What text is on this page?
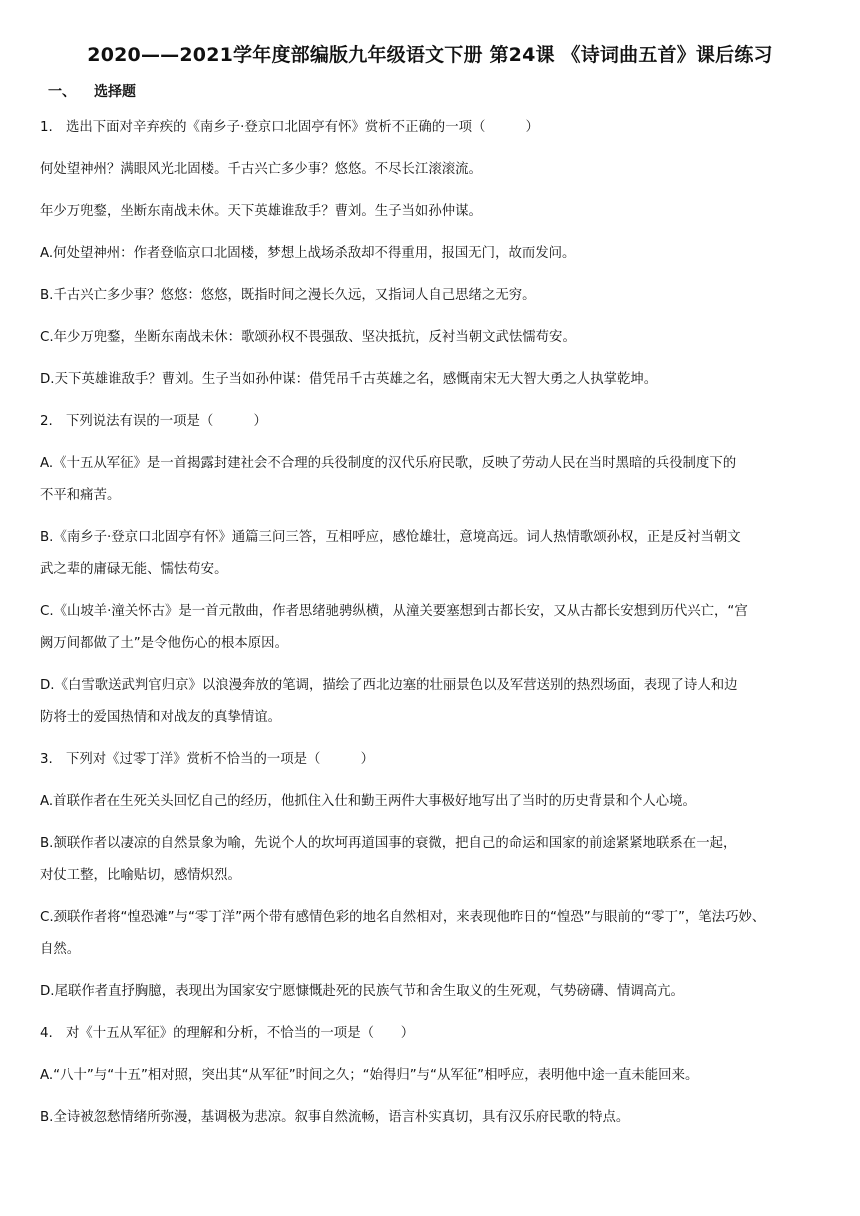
2020——2021学年度部编版九年级语文下册 第24课 《诗词曲五首》课后练习
一、 选择题

1. 选出下面对辛弃疾的《南乡子·登京口北固亭有怀》赏析不正确的一项（　　　）

何处望神州？满眼风光北固楼。千古兴亡多少事？悠悠。不尽长江滚滚流。

年少万兜鍪，坐断东南战未休。天下英雄谁敌手？曹刘。生子当如孙仲谋。

A.何处望神州：作者登临京口北固楼，梦想上战场杀敌却不得重用，报国无门，故而发问。

B.千古兴亡多少事？悠悠：悠悠，既指时间之漫长久远，又指词人自己思绪之无穷。

C.年少万兜鍪，坐断东南战未休：歌颂孙权不畏强敌、坚决抵抗，反衬当朝文武怯懦苟安。

D.天下英雄谁敌手？曹刘。生子当如孙仲谋：借凭吊千古英雄之名，感慨南宋无大智大勇之人执掌乾坤。

2. 下列说法有误的一项是（　　　）

A.《十五从军征》是一首揭露封建社会不合理的兵役制度的汉代乐府民歌，反映了劳动人民在当时黑暗的兵役制度下的

不平和痛苦。

B.《南乡子·登京口北固亭有怀》通篇三问三答，互相呼应，感怆雄壮，意境高远。词人热情歌颂孙权，正是反衬当朝文

武之辈的庸碌无能、懦怯苟安。

C.《山坡羊·潼关怀古》是一首元散曲，作者思绪驰骋纵横，从潼关要塞想到古都长安，又从古都长安想到历代兴亡，“宫

阙万间都做了土”是令他伤心的根本原因。

D.《白雪歌送武判官归京》以浪漫奔放的笔调，描绘了西北边塞的壮丽景色以及军营送别的热烈场面，表现了诗人和边

防将士的爱国热情和对战友的真挚情谊。

3. 下列对《过零丁洋》赏析不恰当的一项是（　　　）

A.首联作者在生死关头回忆自己的经历，他抓住入仕和勤王两件大事极好地写出了当时的历史背景和个人心境。

B.颔联作者以凄凉的自然景象为喻，先说个人的坎坷再道国事的衰微，把自己的命运和国家的前途紧紧地联系在一起，

对仗工整，比喻贴切，感情炽烈。

C.颈联作者将“惶恐滩”与“零丁洋”两个带有感情色彩的地名自然相对，来表现他昨日的“惶恐”与眼前的“零丁”，笔法巧妙、

自然。

D.尾联作者直抒胸臆，表现出为国家安宁愿慷慨赴死的民族气节和舍生取义的生死观，气势磅礴、情调高亢。

4. 对《十五从军征》的理解和分析，不恰当的一项是（　　）

A.“八十”与“十五”相对照，突出其“从军征”时间之久；“始得归”与“从军征”相呼应，表明他中途一直未能回来。

B.全诗被忽愁情绪所弥漫，基调极为悲凉。叙事自然流畅，语言朴实真切，具有汉乐府民歌的特点。
